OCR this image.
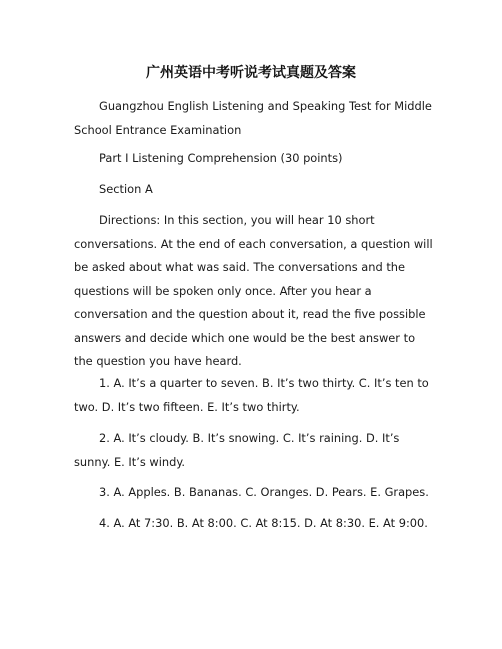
广州英语中考听说考试真题及答案

Guangzhou English Listening and Speaking Test for Middle School Entrance Examination

Part I Listening Comprehension (30 points)

Section A

Directions: In this section, you will hear 10 short conversations. At the end of each conversation, a question will be asked about what was said. The conversations and the questions will be spoken only once. After you hear a conversation and the question about it, read the five possible answers and decide which one would be the best answer to the question you have heard.

1. A. It’s a quarter to seven. B. It’s two thirty. C. It’s ten to two. D. It’s two fifteen. E. It’s two thirty.

2. A. It’s cloudy. B. It’s snowing. C. It’s raining. D. It’s sunny. E. It’s windy.

3. A. Apples. B. Bananas. C. Oranges. D. Pears. E. Grapes.

4. A. At 7:30. B. At 8:00. C. At 8:15. D. At 8:30. E. At 9:00.
